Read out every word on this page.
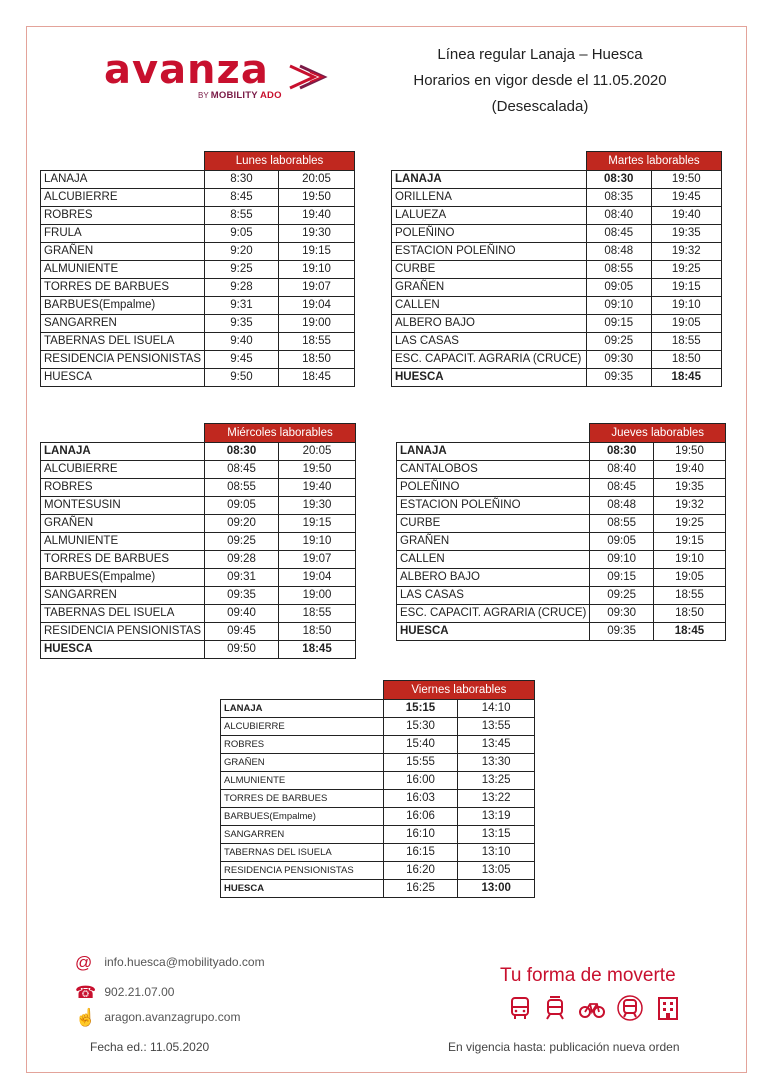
avanza
BY MOBILITY ADO
Línea regular Lanaja – Huesca
Horarios en vigor desde el 11.05.2020
(Desescalada)
	Lunes laborables	
LANAJA	8:30	20:05
ALCUBIERRE	8:45	19:50
ROBRES	8:55	19:40
FRULA	9:05	19:30
GRAÑEN	9:20	19:15
ALMUNIENTE	9:25	19:10
TORRES DE BARBUES	9:28	19:07
BARBUES(Empalme)	9:31	19:04
SANGARREN	9:35	19:00
TABERNAS DEL ISUELA	9:40	18:55
RESIDENCIA PENSIONISTAS	9:45	18:50
HUESCA	9:50	18:45
	Martes laborables	
LANAJA	08:30	19:50
ORILLENA	08:35	19:45
LALUEZA	08:40	19:40
POLEÑINO	08:45	19:35
ESTACION POLEÑINO	08:48	19:32
CURBE	08:55	19:25
GRAÑEN	09:05	19:15
CALLEN	09:10	19:10
ALBERO BAJO	09:15	19:05
LAS CASAS	09:25	18:55
ESC. CAPACIT. AGRARIA (CRUCE)	09:30	18:50
HUESCA	09:35	18:45
	Miércoles laborables	
LANAJA	08:30	20:05
ALCUBIERRE	08:45	19:50
ROBRES	08:55	19:40
MONTESUSIN	09:05	19:30
GRAÑEN	09:20	19:15
ALMUNIENTE	09:25	19:10
TORRES DE BARBUES	09:28	19:07
BARBUES(Empalme)	09:31	19:04
SANGARREN	09:35	19:00
TABERNAS DEL ISUELA	09:40	18:55
RESIDENCIA PENSIONISTAS	09:45	18:50
HUESCA	09:50	18:45
	Jueves laborables	
LANAJA	08:30	19:50
CANTALOBOS	08:40	19:40
POLEÑINO	08:45	19:35
ESTACION POLEÑINO	08:48	19:32
CURBE	08:55	19:25
GRAÑEN	09:05	19:15
CALLEN	09:10	19:10
ALBERO BAJO	09:15	19:05
LAS CASAS	09:25	18:55
ESC. CAPACIT. AGRARIA (CRUCE)	09:30	18:50
HUESCA	09:35	18:45
	Viernes laborables	
LANAJA	15:15	14:10
ALCUBIERRE	15:30	13:55
ROBRES	15:40	13:45
GRAÑEN	15:55	13:30
ALMUNIENTE	16:00	13:25
TORRES DE BARBUES	16:03	13:22
BARBUES(Empalme)	16:06	13:19
SANGARREN	16:10	13:15
TABERNAS DEL ISUELA	16:15	13:10
RESIDENCIA PENSIONISTAS	16:20	13:05
HUESCA	16:25	13:00
@ info.huesca@mobilityado.com
☎ 902.21.07.00
☝ aragon.avanzagrupo.com
Fecha ed.: 11.05.2020	En vigencia hasta: publicación nueva orden
Tu forma de moverte
